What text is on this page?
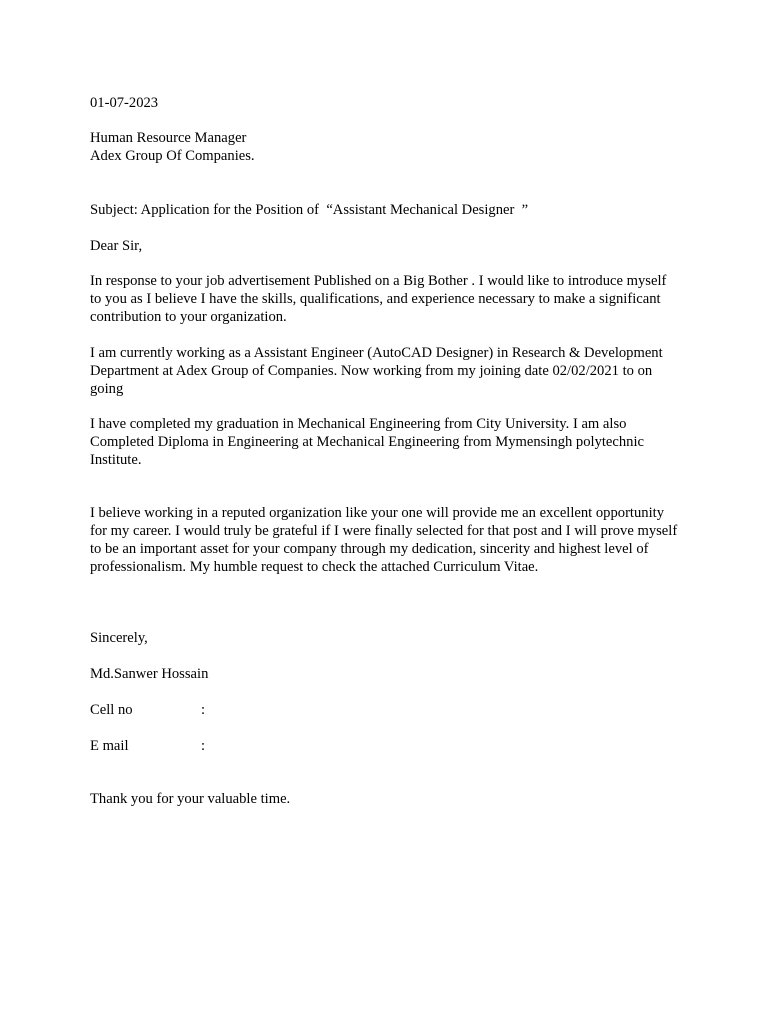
01-07-2023
Human Resource Manager
Adex Group Of Companies.
Subject: Application for the Position of  “Assistant Mechanical Designer  ”
Dear Sir,
In response to your job advertisement Published on a Big Bother . I would like to introduce myself to you as I believe I have the skills, qualifications, and experience necessary to make a significant contribution to your organization.
I am currently working as a Assistant Engineer (AutoCAD Designer) in Research & Development Department at Adex Group of Companies. Now working from my joining date 02/02/2021 to on going
I have completed my graduation in Mechanical Engineering from City University. I am also Completed Diploma in Engineering at Mechanical Engineering from Mymensingh polytechnic Institute.
I believe working in a reputed organization like your one will provide me an excellent opportunity for my career. I would truly be grateful if I were finally selected for that post and I will prove myself to be an important asset for your company through my dedication, sincerity and highest level of professionalism. My humble request to check the attached Curriculum Vitae.
Sincerely,
Md.Sanwer Hossain
Cell no	:
E mail	:
Thank you for your valuable time.
